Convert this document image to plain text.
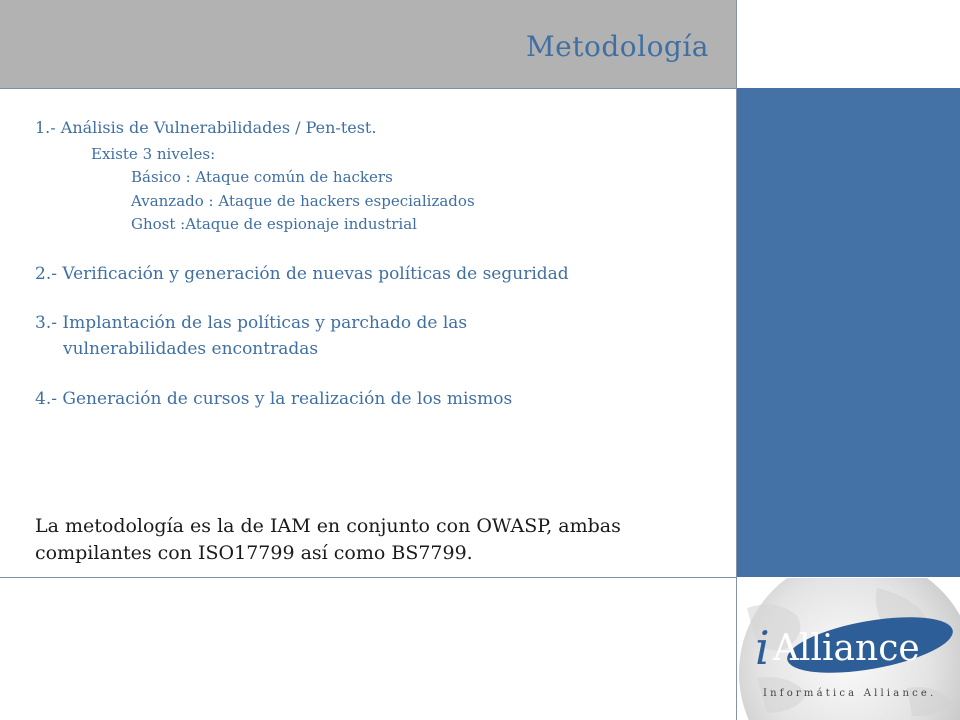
Metodología
1.- Análisis de Vulnerabilidades / Pen-test.
Existe 3 niveles:
Básico : Ataque común de hackers
Avanzado : Ataque de hackers especializados
Ghost :Ataque de espionaje industrial
2.- Verificación y generación de nuevas políticas de seguridad
3.- Implantación de las políticas y parchado de las
vulnerabilidades encontradas
4.- Generación de cursos y la realización de los mismos
La metodología es la de IAM en conjunto con OWASP, ambas
compilantes con ISO17799 así como BS7799.
i Alliance
Informática Alliance.
